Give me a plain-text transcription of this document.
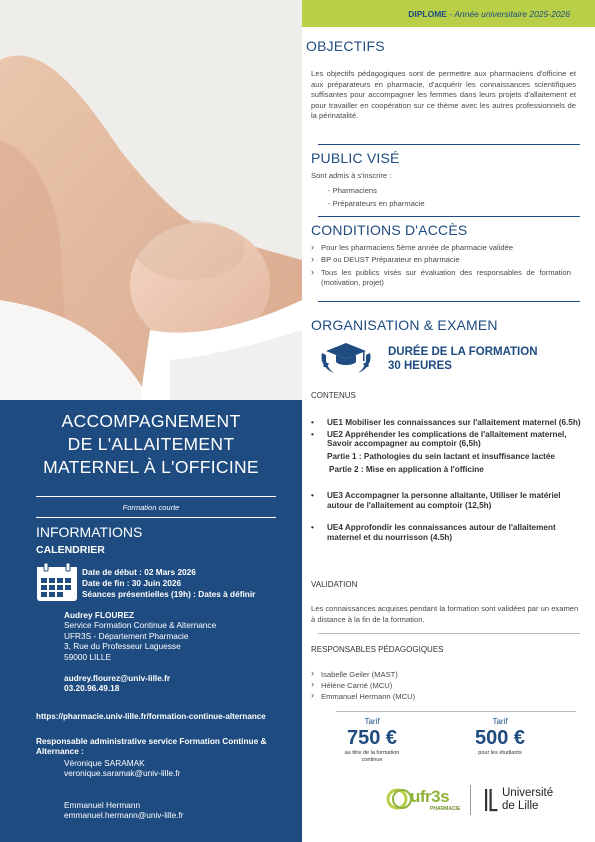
ACCOMPAGNEMENT
DE L'ALLAITEMENT
MATERNEL À L'OFFICINE
Formation courte
INFORMATIONS
CALENDRIER
Date de début : 02 Mars 2026
Date de fin : 30 Juin 2026
Séances présentielles (19h) : Dates à définir
Audrey FLOUREZ
Service Formation Continue & Alternance
UFR3S - Département Pharmacie
3, Rue du Professeur Laguesse
59000 LILLE
audrey.flourez@univ-lille.fr
03.20.96.49.18
https://pharmacie.univ-lille.fr/formation-continue-alternance
Responsable administrative service Formation Continue & Alternance :
Véronique SARAMAK
veronique.saramak@univ-lille.fr
Emmanuel Hermann
emmanuel.hermann@univ-lille.fr
DIPLOME - Année universitaire 2025-2026
OBJECTIFS
Les objectifs pédagogiques sont de permettre aux pharmaciens d'officine et aux préparateurs en pharmacie, d'acquérir les connaissances scientifiques suffisantes pour accompagner les femmes dans leurs projets d'allaitement et pour travailler en coopération sur ce thème avec les autres professionnels de la périnatalité.
PUBLIC VISÉ
Sont admis à s'inscrire :
- Pharmaciens
- Préparateurs en pharmacie
CONDITIONS D'ACCÈS
› Pour les pharmaciens 5ème année de pharmacie validée
› BP ou DEUST Préparateur en pharmacie
› Tous les publics visés sur évaluation des responsables de formation (motivation, projet)
ORGANISATION & EXAMEN
DURÉE DE LA FORMATION
30 HEURES
CONTENUS
• UE1 Mobiliser les connaissances sur l'allaitement maternel (6.5h)
• UE2 Appréhender les complications de l'allaitement maternel, Savoir accompagner au comptoir (6,5h)
Partie 1 : Pathologies du sein lactant et insuffisance lactée
Partie 2 : Mise en application à l'officine
• UE3 Accompagner la personne allaitante, Utiliser le matériel autour de l'allaitement au comptoir (12,5h)
• UE4 Approfondir les connaissances autour de l'allaitement maternel et du nourrisson (4.5h)
VALIDATION
Les connaissances acquises pendant la formation sont validées par un examen à distance à la fin de la formation.
RESPONSABLES PÉDAGOGIQUES
› Isabelle Geiler (MAST)
› Hélène Carrié (MCU)
› Emmanuel Hermann (MCU)
Tarif
750 €
au titre de la formation continue
Tarif
500 €
pour les étudiants
ufr3s
PHARMACIE
Université
de Lille
